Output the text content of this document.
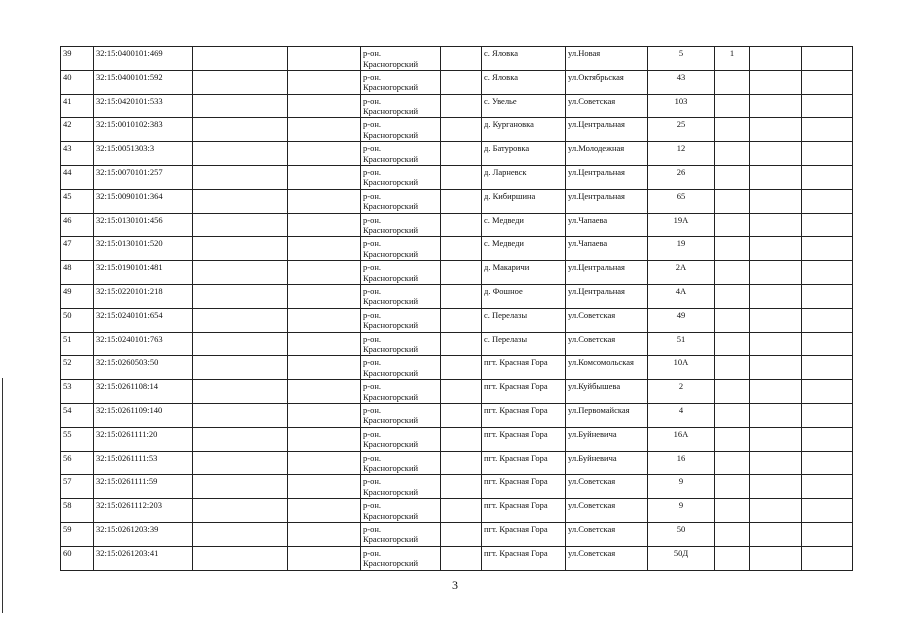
39	32:15:0400101:469			р-он.
Красногорский		с. Яловка	ул.Новая	5	1		
40	32:15:0400101:592			р-он.
Красногорский		с. Яловка	ул.Октябрьская	43			
41	32:15:0420101:533			р-он.
Красногорский		с. Увелье	ул.Советская	103			
42	32:15:0010102:383			р-он.
Красногорский		д. Кургановка	ул.Центральная	25			
43	32:15:0051303:3			р-он.
Красногорский		д. Батуровка	ул.Молодежная	12			
44	32:15:0070101:257			р-он.
Красногорский		д. Ларневск	ул.Центральная	26			
45	32:15:0090101:364			р-он.
Красногорский		д. Кибиршина	ул.Центральная	65			
46	32:15:0130101:456			р-он.
Красногорский		с. Медведи	ул.Чапаева	19А			
47	32:15:0130101:520			р-он.
Красногорский		с. Медведи	ул.Чапаева	19			
48	32:15:0190101:481			р-он.
Красногорский		д. Макаричи	ул.Центральная	2А			
49	32:15:0220101:218			р-он.
Красногорский		д. Фошное	ул.Центральная	4А			
50	32:15:0240101:654			р-он.
Красногорский		с. Перелазы	ул.Советская	49			
51	32:15:0240101:763			р-он.
Красногорский		с. Перелазы	ул.Советская	51			
52	32:15:0260503:50			р-он.
Красногорский		пгт. Красная Гора	ул.Комсомольская	10А			
53	32:15:0261108:14			р-он.
Красногорский		пгт. Красная Гора	ул.Куйбышева	2			
54	32:15:0261109:140			р-он.
Красногорский		пгт. Красная Гора	ул.Первомайская	4			
55	32:15:0261111:20			р-он.
Красногорский		пгт. Красная Гора	ул.Буйневича	16А			
56	32:15:0261111:53			р-он.
Красногорский		пгт. Красная Гора	ул.Буйневича	16			
57	32:15:0261111:59			р-он.
Красногорский		пгт. Красная Гора	ул.Советская	9			
58	32:15:0261112:203			р-он.
Красногорский		пгт. Красная Гора	ул.Советская	9			
59	32:15:0261203:39			р-он.
Красногорский		пгт. Красная Гора	ул.Советская	50			
60	32:15:0261203:41			р-он.
Красногорский		пгт. Красная Гора	ул.Советская	50Д			
3
